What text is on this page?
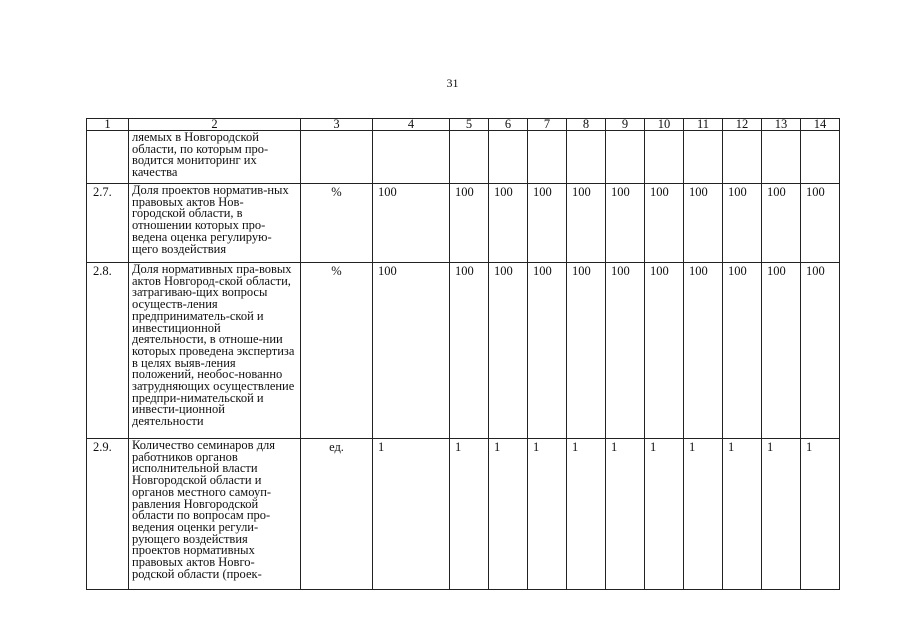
31
1	2	3	4	5	6	7	8	9	10	11	12	13	14
	ляемых в Новгородской области, по которым про-водится мониторинг их качества												
2.7.	Доля проектов норматив-ных правовых актов Нов-городской области, в отношении которых про-ведена оценка регулирую-щего воздействия	%	100	100	100	100	100	100	100	100	100	100	100
2.8.	Доля нормативных пра-вовых актов Новгород-ской области, затрагиваю-щих вопросы осуществ-ления предприниматель-ской и инвестиционной деятельности, в отноше-нии которых проведена экспертиза в целях выяв-ления положений, необос-нованно затрудняющих осуществление предпри-нимательской и инвести-ционной деятельности	%	100	100	100	100	100	100	100	100	100	100	100
2.9.	Количество семинаров для работников органов исполнительной власти Новгородской области и органов местного самоуп-равления Новгородской области по вопросам про-ведения оценки регули-рующего воздействия проектов нормативных правовых актов Новго-родской области (проек-	ед.	1	1	1	1	1	1	1	1	1	1	1
